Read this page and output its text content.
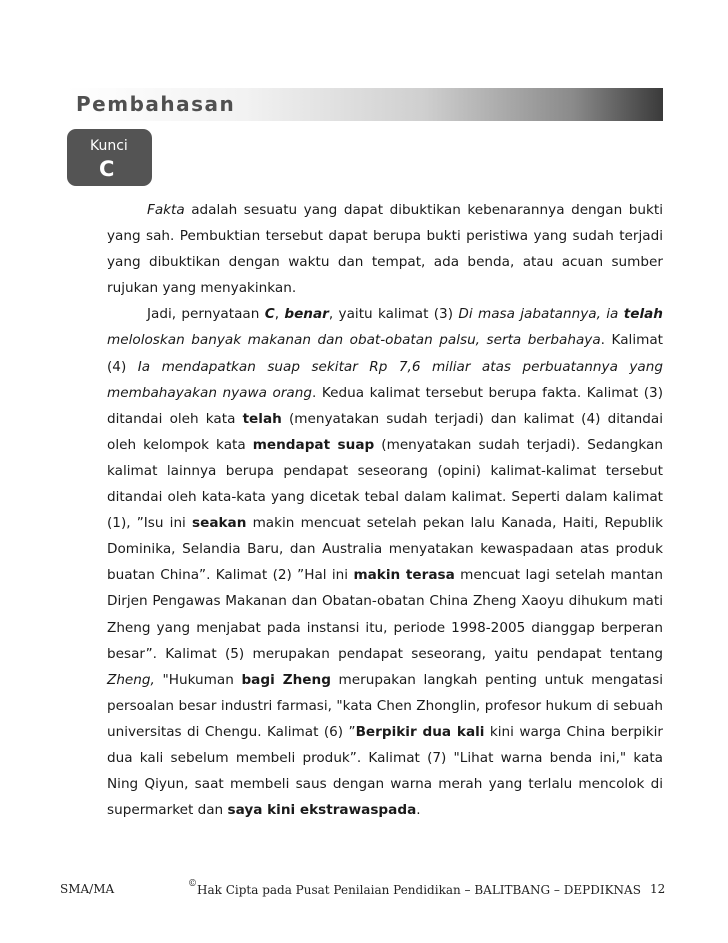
Pembahasan
Kunci
C

Fakta adalah sesuatu yang dapat dibuktikan kebenarannya dengan bukti yang sah. Pembuktian tersebut dapat berupa bukti peristiwa yang sudah terjadi yang dibuktikan dengan waktu dan tempat, ada benda, atau acuan sumber rujukan yang menyakinkan.

Jadi, pernyataan C, benar, yaitu kalimat (3) Di masa jabatannya, ia telah meloloskan banyak makanan dan obat-obatan palsu, serta berbahaya. Kalimat (4) Ia mendapatkan suap sekitar Rp 7,6 miliar atas perbuatannya yang membahayakan nyawa orang. Kedua kalimat tersebut berupa fakta. Kalimat (3) ditandai oleh kata telah (menyatakan sudah terjadi) dan kalimat (4) ditandai oleh kelompok kata mendapat suap (menyatakan sudah terjadi). Sedangkan kalimat lainnya berupa pendapat seseorang (opini) kalimat-kalimat tersebut ditandai oleh kata-kata yang dicetak tebal dalam kalimat. Seperti dalam kalimat (1), ”Isu ini seakan makin mencuat setelah pekan lalu Kanada, Haiti, Republik Dominika, Selandia Baru, dan Australia menyatakan kewaspadaan atas produk buatan China”. Kalimat (2) ”Hal ini makin terasa mencuat lagi setelah mantan Dirjen Pengawas Makanan dan Obatan-obatan China Zheng Xaoyu dihukum mati Zheng yang menjabat pada instansi itu, periode 1998-2005 dianggap berperan besar”. Kalimat (5) merupakan pendapat seseorang, yaitu pendapat tentang Zheng, "Hukuman bagi Zheng merupakan langkah penting untuk mengatasi persoalan besar industri farmasi, "kata Chen Zhonglin, profesor hukum di sebuah universitas di Chengu. Kalimat (6) ”Berpikir dua kali kini warga China berpikir dua kali sebelum membeli produk”. Kalimat (7) "Lihat warna benda ini," kata Ning Qiyun, saat membeli saus dengan warna merah yang terlalu mencolok di supermarket dan saya kini ekstrawaspada.

SMA/MA	©Hak Cipta pada Pusat Penilaian Pendidikan – BALITBANG – DEPDIKNAS 12
